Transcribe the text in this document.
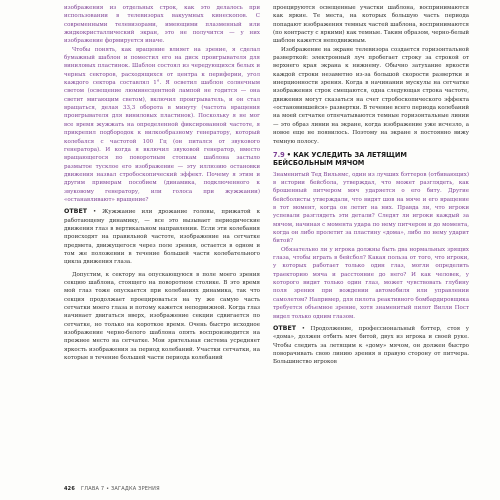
изображения из отдельных строк, как это делалось при использовании в телевизорах вакуумных кинескопов. С современными телевизорами, имеющими плазменный или жидкокристаллический экран, это не получится — у них изображение формируется иначе.

Чтобы понять, как вращение влияет на зрение, я сделал бумажный шаблон и поместил его на диск проигрывателя для виниловых пластинок. Шаблон состоял из чередующихся белых и черных секторов, расходящихся от центра к периферии, угол каждого сектора составлял 1°. Я осветил шаблон солнечным светом (освещение люминесцентной лампой не годится — она светит мигающим светом), включил проигрыватель, и он стал вращаться, делая 33,3 оборота в минуту (частота вращения проигрывателя для виниловых пластинок). Поскольку я не мог все время жужжать на определенной фиксированной частоте, я прикрепил подбородок к вилкообразному генератору, который колебался с частотой 100 Гц (он питался от звукового генератора). И когда я включил звуковой генератор, вместо вращающегося по поворотным стопкам шаблона застыло размытое тусклое его изображение — эту иллюзию остановки движения назвал стробоскопический эффект. Почему я этим и другим примерам пособием (динамика, подключенного к звуковому генератору, или голоса при жужжании) «останавливают» вращение?

ОТВЕТ • Жужжание или дрожание головы, прижатой к работающему динамику, — все это вызывает периодические движения глаз в вертикальном направлении. Если эти колебания происходят на правильной частоте, изображение на сетчатке предмета, движущегося через поле зрения, остается в одном и том же положении в течение большей части колебательного цикла движения глаза.

Допустим, к сектору на опускающуюся в поле моего зрения секцию шаблона, стоящего на поворотном столике. В это время мой глаз тоже опускается при колебаниях динамика, так что секция продолжает проецироваться на ту же самую часть сетчатки моего глаза и потому кажется неподвижной. Когда глаз начинает двигаться вверх, изображение секции сдвигается по сетчатке, но только на короткое время. Очень быстро исходное изображение черно-белого шаблона опять воспроизводится на прежнее место на сетчатке. Мои зрительная система усредняет яркость изображения за период колебаний. Участки сетчатки, на которые в течение большей части периода колебаний

проецируются освещенные участки шаблона, воспринимаются как яркие. Те места, на которых большую часть периода попадают изображения темных частей шаблона, воспринимаются (по контрасту с яркими) как темные. Таким образом, черно-белый шаблон кажется неподвижным.

Изображение на экране телевизора создается горизонтальной разверткой: электронный луч пробегает строку за строкой от верхнего края экрана к нижнему. Обычно затухание яркости каждой строки незаметно из-за большой скорости развертки и инерционности зрения. Когда в начинании мускулы на сетчатке изображения строк смещаются, одна следующая строка частоте, движения могут сказаться на счет стробоскопического эффекта «остановившейся» развертки. В течение всего периода колебаний на моей сетчатке отпечатываются темные горизонтальные линии — это образ линии на экране, когда изображение уже исчезло, а новое еще не появилось. Поэтому на экране я постоянно вижу темную полосу.

7.9 • КАК УСЛЕДИТЬ ЗА ЛЕТЯЩИМ БЕЙСБОЛЬНЫМ МЯЧОМ

Знаменитый Тед Вильямс, один из лучших бэттеров (отбивающих) в истории бейсбола, утверждал, что может разглядеть, как брошенный питчером мяч ударяется о его биту. Другие бейсболисты утверждали, что видят шов на мяче и его вращение в тот момент, когда он летит на них. Правда ли, что игроки успевали разглядеть эти детали? Следят ли игроки каждый за мячом, начиная с момента удара по нему питчером и до момента, когда он либо пролетит за пластину «дома», либо по нему ударит битой?

Обязательно ли у игрока должны быть два нормальных зрящих глаза, чтобы играть в бейсбол? Какая польза от того, что игроки, у которых работает только один глаз, могли определить траекторию мяча и расстояние до него? И как человек, у которого видит только один глаз, может чувствовать глубину поля зрения при вождении автомобиля или управлении самолетом? Например, для пилота реактивного бомбардировщика требуется объемное зрение, хотя знаменитый пилот Вилли Пост видел только одним глазом.

ОТВЕТ • Продолжение, профессиональный бэттер, стоя у «дома», должен отбить мяч битой, двух из игрока и своей руке. Чтобы следить за летящим к «дому» мячом, он должен быстро поворачивать свою линию зрения в правую сторону от питчера. Большинство игроков

426 ГЛАВА 7 • ЗАГАДКА ЗРЕНИЯ
